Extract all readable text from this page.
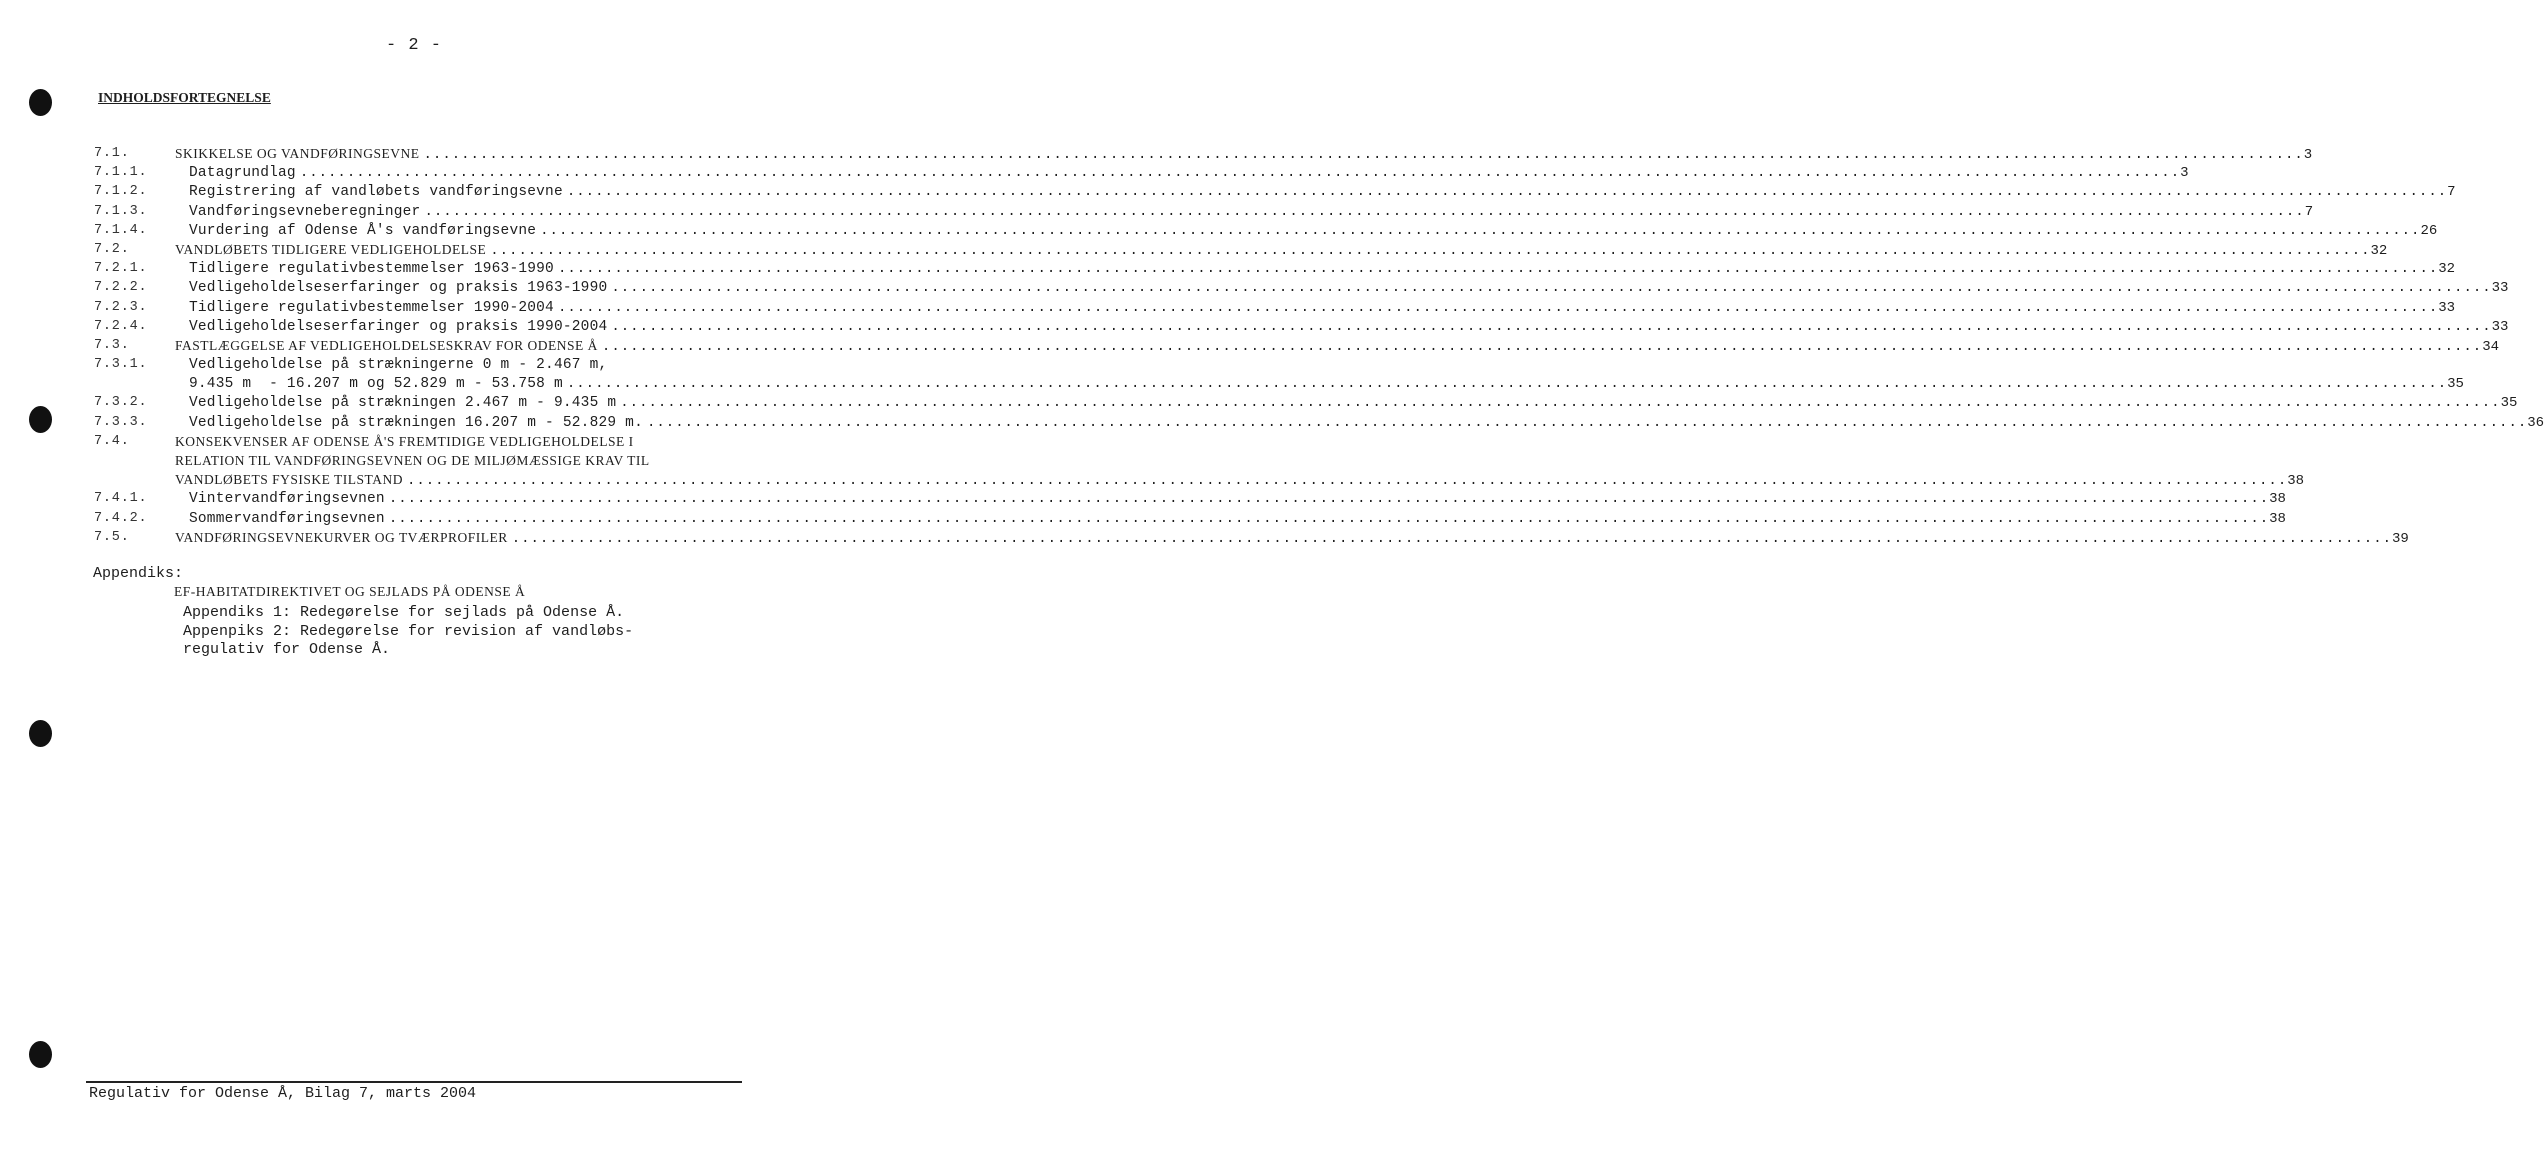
- 2 -
INDHOLDSFORTEGNELSE
7.1.	SKIKKELSE OG VANDFØRINGSEVNE ........................................................................................................................................................................................................ 3
7.1.1.	Datagrundlag ........................................................................................................................................................................................................ 3
7.1.2.	Registrering af vandløbets vandføringsevne ........................................................................................................................................................................................................ 7
7.1.3.	Vandføringsevneberegninger ........................................................................................................................................................................................................ 7
7.1.4.	Vurdering af Odense Å's vandføringsevne ........................................................................................................................................................................................................ 26
7.2.	VANDLØBETS TIDLIGERE VEDLIGEHOLDELSE ........................................................................................................................................................................................................ 32
7.2.1.	Tidligere regulativbestemmelser 1963-1990 ........................................................................................................................................................................................................ 32
7.2.2.	Vedligeholdelseserfaringer og praksis 1963-1990 ........................................................................................................................................................................................................ 33
7.2.3.	Tidligere regulativbestemmelser 1990-2004 ........................................................................................................................................................................................................ 33
7.2.4.	Vedligeholdelseserfaringer og praksis 1990-2004 ........................................................................................................................................................................................................ 33
7.3.	FASTLÆGGELSE AF VEDLIGEHOLDELSESKRAV FOR ODENSE Å ........................................................................................................................................................................................................ 34
7.3.1.	Vedligeholdelse på strækningerne 0 m - 2.467 m,
9.435 m  - 16.207 m og 52.829 m - 53.758 m ........................................................................................................................................................................................................ 35
7.3.2.	Vedligeholdelse på strækningen 2.467 m - 9.435 m ........................................................................................................................................................................................................ 35
7.3.3.	Vedligeholdelse på strækningen 16.207 m - 52.829 m. ........................................................................................................................................................................................................ 36
7.4.	KONSEKVENSER AF ODENSE Å'S FREMTIDIGE VEDLIGEHOLDELSE I
RELATION TIL VANDFØRINGSEVNEN OG DE MILJØMÆSSIGE KRAV TIL
VANDLØBETS FYSISKE TILSTAND ........................................................................................................................................................................................................ 38
7.4.1.	Vintervandføringsevnen ........................................................................................................................................................................................................ 38
7.4.2.	Sommervandføringsevnen ........................................................................................................................................................................................................ 38
7.5.	VANDFØRINGSEVNEKURVER OG TVÆRPROFILER ........................................................................................................................................................................................................ 39
Appendiks:
EF-HABITATDIREKTIVET OG SEJLADS PÅ ODENSE Å
Appendiks 1: Redegørelse for sejlads på Odense Å.
Appenpiks 2: Redegørelse for revision af vandløbs-
regulativ for Odense Å.
Regulativ for Odense Å, Bilag 7, marts 2004
